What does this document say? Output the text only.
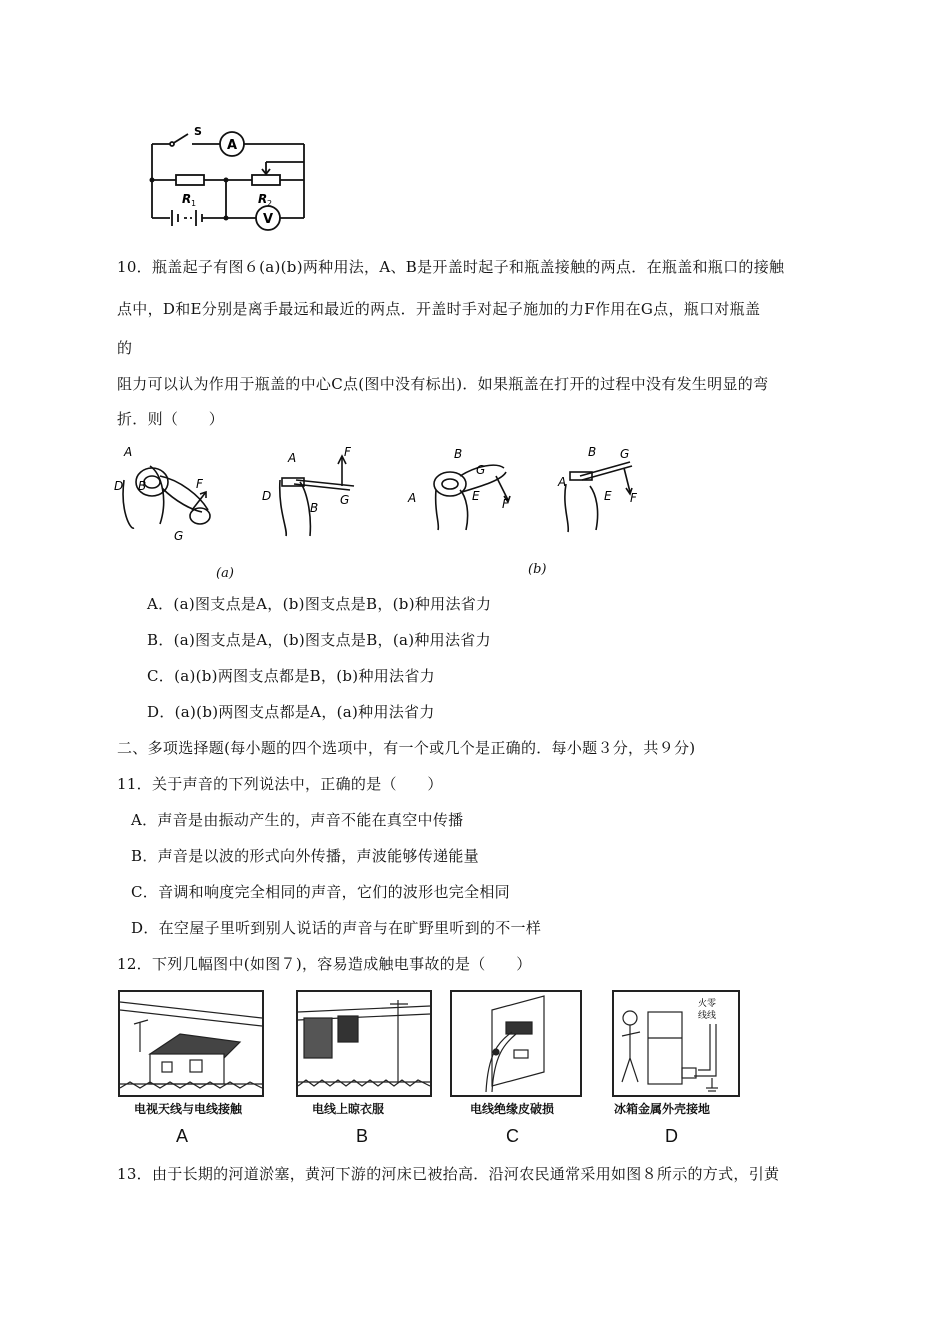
S
A
V
R 1	R 2
10．瓶盖起子有图６(a)(b)两种用法，A、B是开盖时起子和瓶盖接触的两点．在瓶盖和瓶口的接触
点中，D和E分别是离手最远和最近的两点．开盖时手对起子施加的力F作用在G点，瓶口对瓶盖
的
阻力可以认为作用于瓶盖的中心C点(图中没有标出)．如果瓶盖在打开的过程中没有发生明显的弯
折．则（　　）
A
D B	F
G
A
D
B
F
G
B
G
A	E
F
B G
A
E F
(a)	(b)
A．(a)图支点是A，(b)图支点是B，(b)种用法省力
B．(a)图支点是A，(b)图支点是B，(a)种用法省力
C．(a)(b)两图支点都是B，(b)种用法省力
D．(a)(b)两图支点都是A，(a)种用法省力
二、多项选择题(每小题的四个选项中，有一个或几个是正确的．每小题３分，共９分)
11．关于声音的下列说法中，正确的是（　　）
A．声音是由振动产生的，声音不能在真空中传播
B．声音是以波的形式向外传播，声波能够传递能量
C．音调和响度完全相同的声音，它们的波形也完全相同
D．在空屋子里听到别人说话的声音与在旷野里听到的不一样
12．下列几幅图中(如图７)，容易造成触电事故的是（　　）
电视天线与电线接触
A
电线上晾衣服
B
电线绝缘皮破损
C
火零
线线
冰箱金属外壳接地
D
13．由于长期的河道淤塞，黄河下游的河床已被抬高．沿河农民通常采用如图８所示的方式，引黄
